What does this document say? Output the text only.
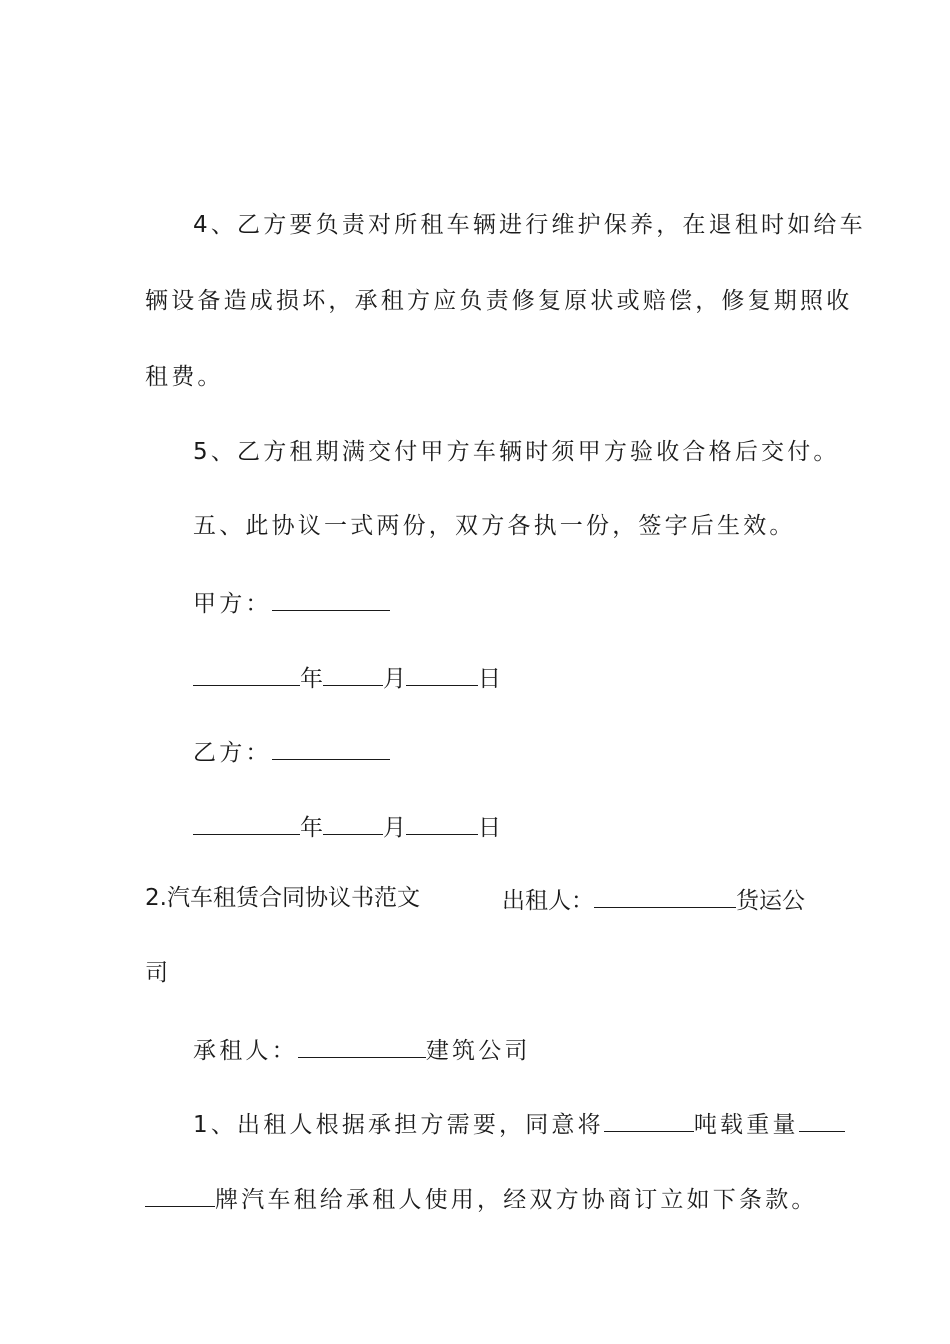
4、乙方要负责对所租车辆进行维护保养，在退租时如给车
辆设备造成损坏，承租方应负责修复原状或赔偿，修复期照收
租费。
5、乙方租期满交付甲方车辆时须甲方验收合格后交付。
五、此协议一式两份，双方各执一份，签字后生效。
甲方：
年	月	日
乙方：
年	月	日
2.汽车租赁合同协议书范文	出租人：	货运公
司
承租人：	建筑公司
1、出租人根据承担方需要，同意将	吨载重量
牌汽车租给承租人使用，经双方协商订立如下条款。
